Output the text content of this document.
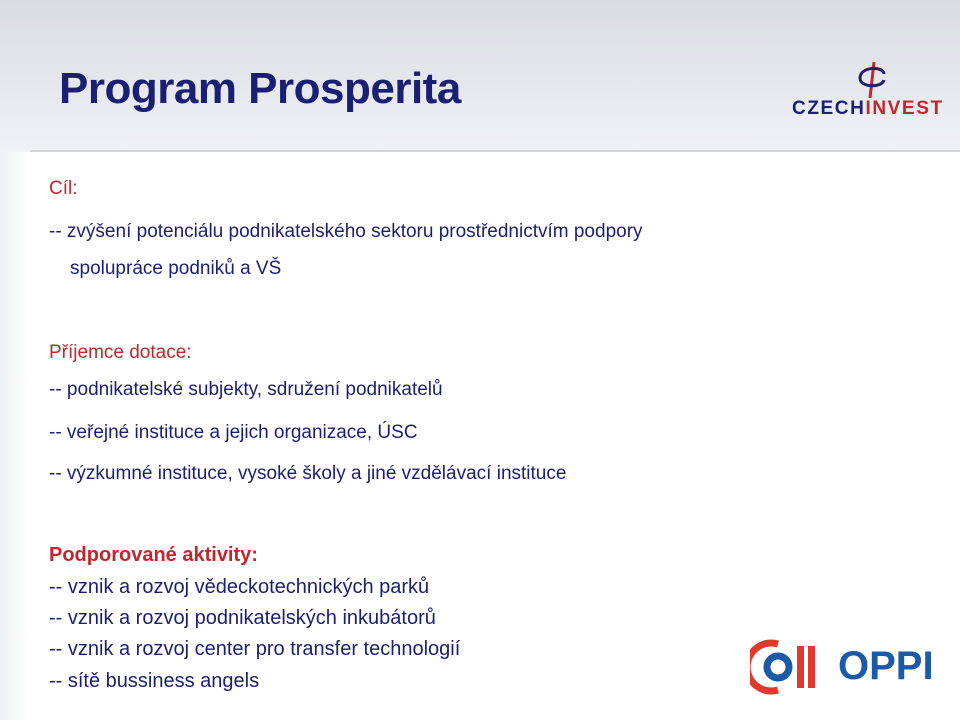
Program Prosperita	CZECHINVEST
Cíl:
-- zvýšení potenciálu podnikatelského sektoru prostřednictvím podpory
spolupráce podniků a VŠ
Příjemce dotace:
-- podnikatelské subjekty, sdružení podnikatelů
-- veřejné instituce a jejich organizace, ÚSC
-- výzkumné instituce, vysoké školy a jiné vzdělávací instituce
Podporované aktivity:
-- vznik a rozvoj vědeckotechnických parků
-- vznik a rozvoj podnikatelských inkubátorů
-- vznik a rozvoj center pro transfer technologií
-- sítě bussiness angels	OPPI
